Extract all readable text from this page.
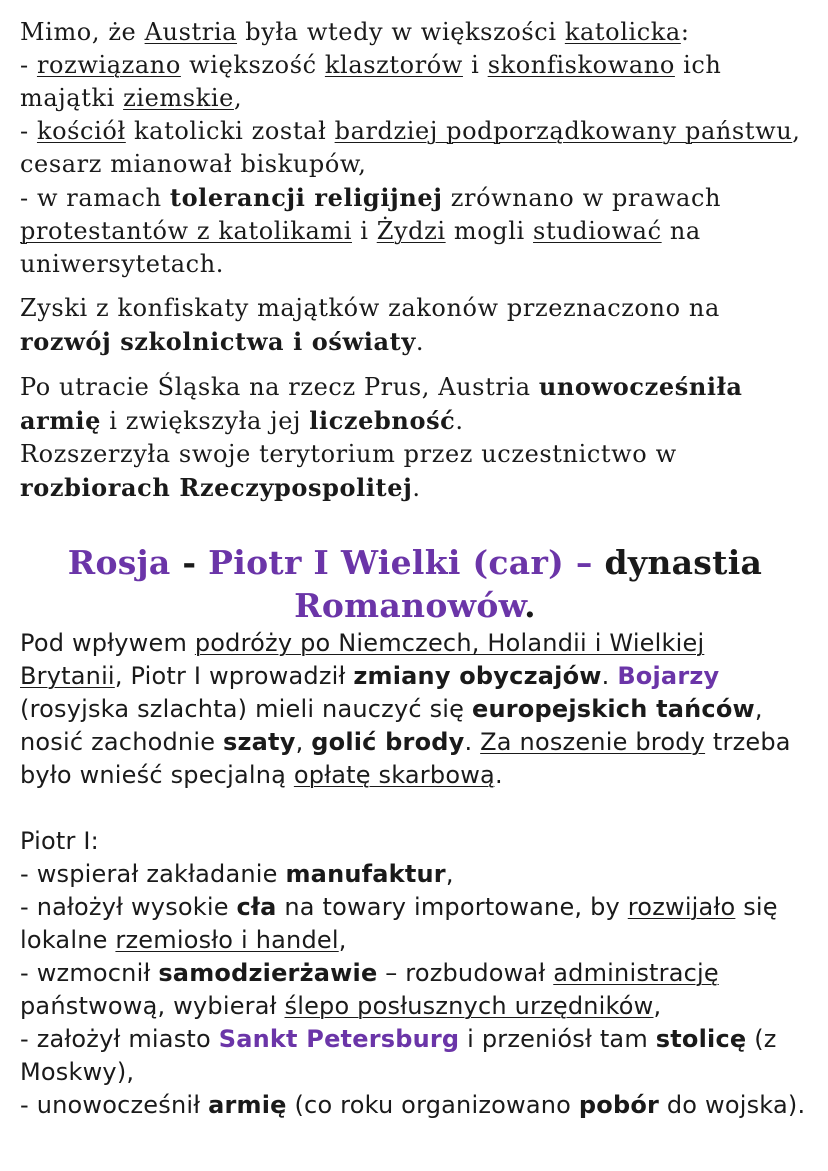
Mimo, że Austria była wtedy w większości katolicka:
- rozwiązano większość klasztorów i skonfiskowano ich majątki ziemskie,
- kościół katolicki został bardziej podporządkowany państwu, cesarz mianował biskupów,
- w ramach tolerancji religijnej zrównano w prawach protestantów z katolikami i Żydzi mogli studiować na uniwersytetach.

Zyski z konfiskaty majątków zakonów przeznaczono na rozwój szkolnictwa i oświaty.

Po utracie Śląska na rzecz Prus, Austria unowocześniła armię i zwiększyła jej liczebność.
Rozszerzyła swoje terytorium przez uczestnictwo w rozbiorach Rzeczypospolitej.

Rosja - Piotr I Wielki (car) – dynastia Romanowów.

Pod wpływem podróży po Niemczech, Holandii i Wielkiej Brytanii, Piotr I wprowadził zmiany obyczajów. Bojarzy (rosyjska szlachta) mieli nauczyć się europejskich tańców, nosić zachodnie szaty, golić brody. Za noszenie brody trzeba było wnieść specjalną opłatę skarbową.

Piotr I:
- wspierał zakładanie manufaktur,
- nałożył wysokie cła na towary importowane, by rozwijało się lokalne rzemiosło i handel,
- wzmocnił samodzierżawie – rozbudował administrację państwową, wybierał ślepo posłusznych urzędników,
- założył miasto Sankt Petersburg i przeniósł tam stolicę (z Moskwy),
- unowocześnił armię (co roku organizowano pobór do wojska).
